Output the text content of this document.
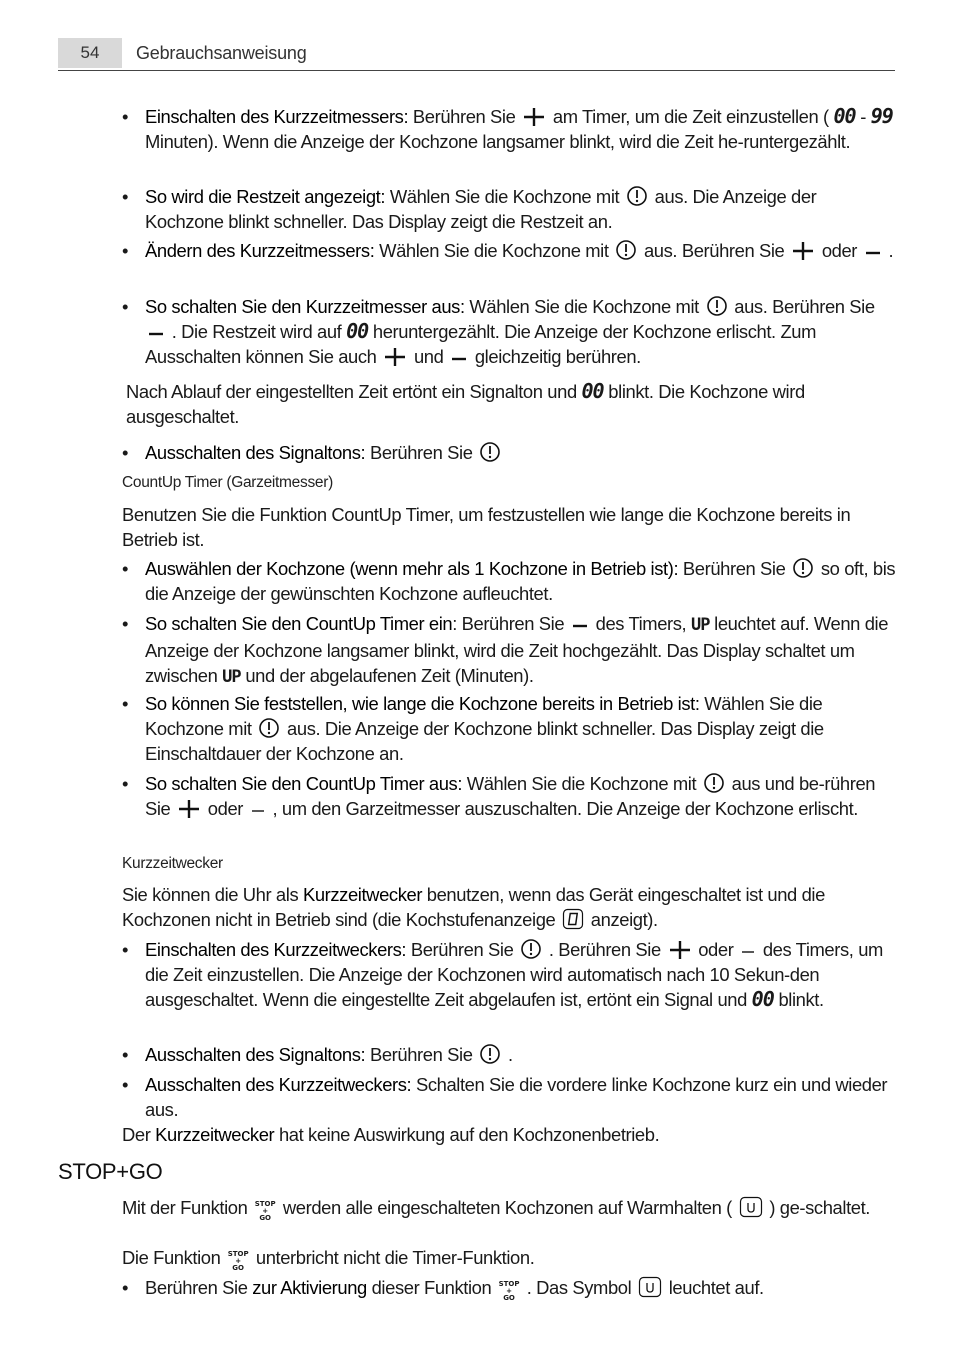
54	Gebrauchsanweisung
• Einschalten des Kurzzeitmessers: Berühren Sie  am Timer, um die Zeit einzustellen ( 00 - 99 Minuten). Wenn die Anzeige der Kochzone langsamer blinkt, wird die Zeit he-runtergezählt.
• So wird die Restzeit angezeigt: Wählen Sie die Kochzone mit  aus. Die Anzeige der Kochzone blinkt schneller. Das Display zeigt die Restzeit an.
• Ändern des Kurzzeitmessers: Wählen Sie die Kochzone mit  aus. Berühren Sie  oder  .
• So schalten Sie den Kurzzeitmesser aus: Wählen Sie die Kochzone mit  aus. Berühren Sie  . Die Restzeit wird auf 00 heruntergezählt. Die Anzeige der Kochzone erlischt. Zum Ausschalten können Sie auch  und  gleichzeitig berühren.
Nach Ablauf der eingestellten Zeit ertönt ein Signalton und 00 blinkt. Die Kochzone wird ausgeschaltet.
• Ausschalten des Signaltons: Berühren Sie
CountUp Timer (Garzeitmesser)
Benutzen Sie die Funktion CountUp Timer, um festzustellen wie lange die Kochzone bereits in Betrieb ist.
• Auswählen der Kochzone (wenn mehr als 1 Kochzone in Betrieb ist): Berühren Sie  so oft, bis die Anzeige der gewünschten Kochzone aufleuchtet.
• So schalten Sie den CountUp Timer ein: Berühren Sie  des Timers, UP leuchtet auf. Wenn die Anzeige der Kochzone langsamer blinkt, wird die Zeit hochgezählt. Das Display schaltet um zwischen UP und der abgelaufenen Zeit (Minuten).
• So können Sie feststellen, wie lange die Kochzone bereits in Betrieb ist: Wählen Sie die Kochzone mit  aus. Die Anzeige der Kochzone blinkt schneller. Das Display zeigt die Einschaltdauer der Kochzone an.
• So schalten Sie den CountUp Timer aus: Wählen Sie die Kochzone mit  aus und be-rühren Sie  oder  , um den Garzeitmesser auszuschalten. Die Anzeige der Kochzone erlischt.
Kurzzeitwecker
Sie können die Uhr als Kurzzeitwecker benutzen, wenn das Gerät eingeschaltet ist und die Kochzonen nicht in Betrieb sind (die Kochstufenanzeige  anzeigt).
• Einschalten des Kurzzeitweckers: Berühren Sie  . Berühren Sie  oder  des Timers, um die Zeit einzustellen. Die Anzeige der Kochzonen wird automatisch nach 10 Sekun-den ausgeschaltet. Wenn die eingestellte Zeit abgelaufen ist, ertönt ein Signal und 00 blinkt.
• Ausschalten des Signaltons: Berühren Sie  .
• Ausschalten des Kurzzeitweckers: Schalten Sie die vordere linke Kochzone kurz ein und wieder aus.
Der Kurzzeitwecker hat keine Auswirkung auf den Kochzonenbetrieb.
STOP+GO
Mit der Funktion STOP
+
GO werden alle eingeschalteten Kochzonen auf Warmhalten (  ) ge-schaltet.
Die Funktion STOP
+
GO unterbricht nicht die Timer-Funktion.
• Berühren Sie zur Aktivierung dieser Funktion STOP
+
GO . Das Symbol  leuchtet auf.
